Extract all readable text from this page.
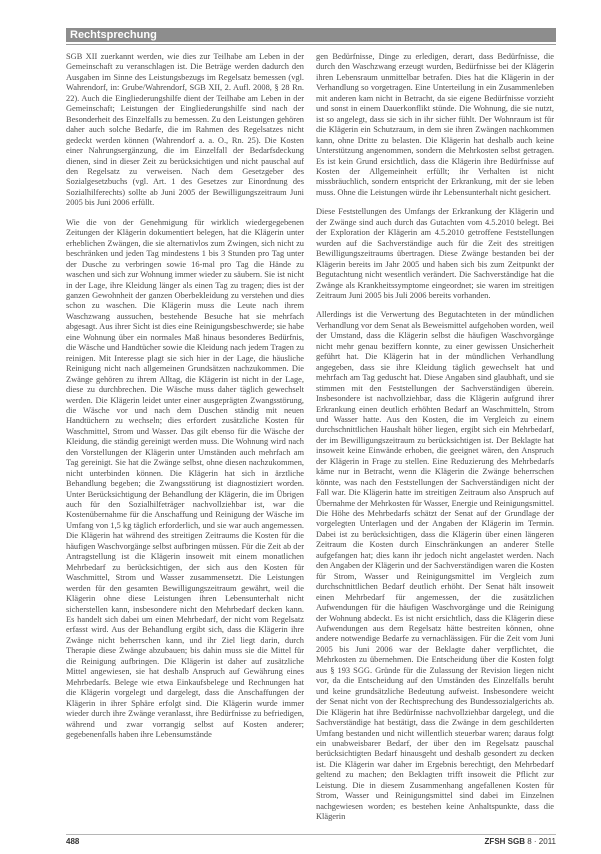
Rechtsprechung

SGB XII zuerkannt werden, wie dies zur Teilhabe am Leben in der Gemeinschaft zu veranschlagen ist. Die Beträge werden dadurch den Ausgaben im Sinne des Leistungsbezugs im Regelsatz bemessen (vgl. Wahrendorf, in: Grube/Wahrendorf, SGB XII, 2. Aufl. 2008, § 28 Rn. 22). Auch die Eingliederungshilfe dient der Teilhabe am Leben in der Gemeinschaft; Leistungen der Eingliederungshilfe sind nach der Besonderheit des Einzelfalls zu bemessen. Zu den Leistungen gehören daher auch solche Bedarfe, die im Rahmen des Regelsatzes nicht gedeckt werden können (Wahrendorf a. a. O., Rn. 25). Die Kosten einer Nahrungsergänzung, die im Einzelfall der Bedarfsdeckung dienen, sind in dieser Zeit zu berücksichtigen und nicht pauschal auf den Regelsatz zu verweisen. Nach dem Gesetzgeber des Sozialgesetzbuchs (vgl. Art. 1 des Gesetzes zur Einordnung des Sozialhilferechts) sollte ab Juni 2005 der Bewilligungszeitraum Juni 2005 bis Juni 2006 erfüllt.

Wie die von der Genehmigung für wirklich wiedergegebenen Zeitungen der Klägerin dokumentiert belegen, hat die Klägerin unter erheblichen Zwängen, die sie alternativlos zum Zwingen, sich nicht zu beschränken und jeden Tag mindestens 1 bis 3 Stunden pro Tag unter der Dusche zu verbringen sowie 16-mal pro Tag die Hände zu waschen und sich zur Wohnung immer wieder zu säubern. Sie ist nicht in der Lage, ihre Kleidung länger als einen Tag zu tragen; dies ist der ganzen Gewohnheit der ganzen Oberbekleidung zu verstehen und dies schon zu waschen. Die Klägerin muss die Leute nach ihrem Waschzwang aussuchen, bestehende Besuche hat sie mehrfach abgesagt. Aus ihrer Sicht ist dies eine Reinigungsbeschwerde; sie habe eine Wohnung über ein normales Maß hinaus besonderes Bedürfnis, die Wäsche und Handtücher sowie die Kleidung nach jedem Tragen zu reinigen. Mit Interesse plagt sie sich hier in der Lage, die häusliche Reinigung nicht nach allgemeinen Grundsätzen nachzukommen. Die Zwänge gehören zu ihrem Alltag, die Klägerin ist nicht in der Lage, diese zu durchbrechen. Die Wäsche muss daher täglich gewechselt werden. Die Klägerin leidet unter einer ausgeprägten Zwangsstörung, die Wäsche vor und nach dem Duschen ständig mit neuen Handtüchern zu wechseln; dies erfordert zusätzliche Kosten für Waschmittel, Strom und Wasser. Das gilt ebenso für die Wäsche der Kleidung, die ständig gereinigt werden muss. Die Wohnung wird nach den Vorstellungen der Klägerin unter Umständen auch mehrfach am Tag gereinigt. Sie hat die Zwänge selbst, ohne diesen nachzukommen, nicht unterbinden können. Die Klägerin hat sich in ärztliche Behandlung begeben; die Zwangsstörung ist diagnostiziert worden. Unter Berücksichtigung der Behandlung der Klägerin, die im Übrigen auch für den Sozialhilfeträger nachvollziehbar ist, war die Kostenübernahme für die Anschaffung und Reinigung der Wäsche im Umfang von 1,5 kg täglich erforderlich, und sie war auch angemessen. Die Klägerin hat während des streitigen Zeitraums die Kosten für die häufigen Waschvorgänge selbst aufbringen müssen. Für die Zeit ab der Antragstellung ist die Klägerin insoweit mit einem monatlichen Mehrbedarf zu berücksichtigen, der sich aus den Kosten für Waschmittel, Strom und Wasser zusammensetzt. Die Leistungen werden für den gesamten Bewilligungszeitraum gewährt, weil die Klägerin ohne diese Leistungen ihren Lebensunterhalt nicht sicherstellen kann, insbesondere nicht den Mehrbedarf decken kann. Es handelt sich dabei um einen Mehrbedarf, der nicht vom Regelsatz erfasst wird. Aus der Behandlung ergibt sich, dass die Klägerin ihre Zwänge nicht beherrschen kann, und ihr Ziel liegt darin, durch Therapie diese Zwänge abzubauen; bis dahin muss sie die Mittel für die Reinigung aufbringen. Die Klägerin ist daher auf zusätzliche Mittel angewiesen, sie hat deshalb Anspruch auf Gewährung eines Mehrbedarfs. Belege wie etwa Einkaufsbelege und Rechnungen hat die Klägerin vorgelegt und dargelegt, dass die Anschaffungen der Klägerin in ihrer Sphäre erfolgt sind. Die Klägerin wurde immer wieder durch ihre Zwänge veranlasst, ihre Bedürfnisse zu befriedigen, während und zwar vorrangig selbst auf Kosten anderer; gegebenenfalls haben ihre Lebensumstände

gen Bedürfnisse, Dinge zu erledigen, derart, dass Bedürfnisse, die durch den Waschzwang erzeugt wurden, Bedürfnisse bei der Klägerin ihren Lebensraum unmittelbar betrafen. Dies hat die Klägerin in der Verhandlung so vorgetragen. Eine Unterteilung in ein Zusammenleben mit anderen kam nicht in Betracht, da sie eigene Bedürfnisse vorzieht und sonst in einem Dauerkonflikt stünde. Die Wohnung, die sie nutzt, ist so angelegt, dass sie sich in ihr sicher fühlt. Der Wohnraum ist für die Klägerin ein Schutzraum, in dem sie ihren Zwängen nachkommen kann, ohne Dritte zu belasten. Die Klägerin hat deshalb auch keine Unterstützung angenommen, sondern die Mehrkosten selbst getragen. Es ist kein Grund ersichtlich, dass die Klägerin ihre Bedürfnisse auf Kosten der Allgemeinheit erfüllt; ihr Verhalten ist nicht missbräuchlich, sondern entspricht der Erkrankung, mit der sie leben muss. Ohne die Leistungen würde ihr Lebensunterhalt nicht gesichert.

Diese Feststellungen des Umfangs der Erkrankung der Klägerin und der Zwänge sind auch durch das Gutachten vom 4.5.2010 belegt. Bei der Exploration der Klägerin am 4.5.2010 getroffene Feststellungen wurden auf die Sachverständige auch für die Zeit des streitigen Bewilligungszeitraums übertragen. Diese Zwänge bestanden bei der Klägerin bereits im Jahr 2005 und haben sich bis zum Zeitpunkt der Begutachtung nicht wesentlich verändert. Die Sachverständige hat die Zwänge als Krankheitssymptome eingeordnet; sie waren im streitigen Zeitraum Juni 2005 bis Juli 2006 bereits vorhanden.

Allerdings ist die Verwertung des Begutachteten in der mündlichen Verhandlung vor dem Senat als Beweismittel aufgehoben worden, weil der Umstand, dass die Klägerin selbst die häufigen Waschvorgänge nicht mehr genau beziffern konnte, zu einer gewissen Unsicherheit geführt hat. Die Klägerin hat in der mündlichen Verhandlung angegeben, dass sie ihre Kleidung täglich gewechselt hat und mehrfach am Tag geduscht hat. Diese Angaben sind glaubhaft, und sie stimmen mit den Feststellungen der Sachverständigen überein. Insbesondere ist nachvollziehbar, dass die Klägerin aufgrund ihrer Erkrankung einen deutlich erhöhten Bedarf an Waschmitteln, Strom und Wasser hatte. Aus den Kosten, die im Vergleich zu einem durchschnittlichen Haushalt höher liegen, ergibt sich ein Mehrbedarf, der im Bewilligungszeitraum zu berücksichtigen ist. Der Beklagte hat insoweit keine Einwände erhoben, die geeignet wären, den Anspruch der Klägerin in Frage zu stellen. Eine Reduzierung des Mehrbedarfs käme nur in Betracht, wenn die Klägerin die Zwänge beherrschen könnte, was nach den Feststellungen der Sachverständigen nicht der Fall war. Die Klägerin hatte im streitigen Zeitraum also Anspruch auf Übernahme der Mehrkosten für Wasser, Energie und Reinigungsmittel. Die Höhe des Mehrbedarfs schätzt der Senat auf der Grundlage der vorgelegten Unterlagen und der Angaben der Klägerin im Termin. Dabei ist zu berücksichtigen, dass die Klägerin über einen längeren Zeitraum die Kosten durch Einschränkungen an anderer Stelle aufgefangen hat; dies kann ihr jedoch nicht angelastet werden. Nach den Angaben der Klägerin und der Sachverständigen waren die Kosten für Strom, Wasser und Reinigungsmittel im Vergleich zum durchschnittlichen Bedarf deutlich erhöht. Der Senat hält insoweit einen Mehrbedarf für angemessen, der die zusätzlichen Aufwendungen für die häufigen Waschvorgänge und die Reinigung der Wohnung abdeckt. Es ist nicht ersichtlich, dass die Klägerin diese Aufwendungen aus dem Regelsatz hätte bestreiten können, ohne andere notwendige Bedarfe zu vernachlässigen. Für die Zeit vom Juni 2005 bis Juni 2006 war der Beklagte daher verpflichtet, die Mehrkosten zu übernehmen. Die Entscheidung über die Kosten folgt aus § 193 SGG. Gründe für die Zulassung der Revision liegen nicht vor, da die Entscheidung auf den Umständen des Einzelfalls beruht und keine grundsätzliche Bedeutung aufweist. Insbesondere weicht der Senat nicht von der Rechtsprechung des Bundessozialgerichts ab. Die Klägerin hat ihre Bedürfnisse nachvollziehbar dargelegt, und die Sachverständige hat bestätigt, dass die Zwänge in dem geschilderten Umfang bestanden und nicht willentlich steuerbar waren; daraus folgt ein unabweisbarer Bedarf, der über den im Regelsatz pauschal berücksichtigten Bedarf hinausgeht und deshalb gesondert zu decken ist. Die Klägerin war daher im Ergebnis berechtigt, den Mehrbedarf geltend zu machen; den Beklagten trifft insoweit die Pflicht zur Leistung. Die in diesem Zusammenhang angefallenen Kosten für Strom, Wasser und Reinigungsmittel sind dabei im Einzelnen nachgewiesen worden; es bestehen keine Anhaltspunkte, dass die Klägerin

488	ZFSH SGB 8 · 2011
